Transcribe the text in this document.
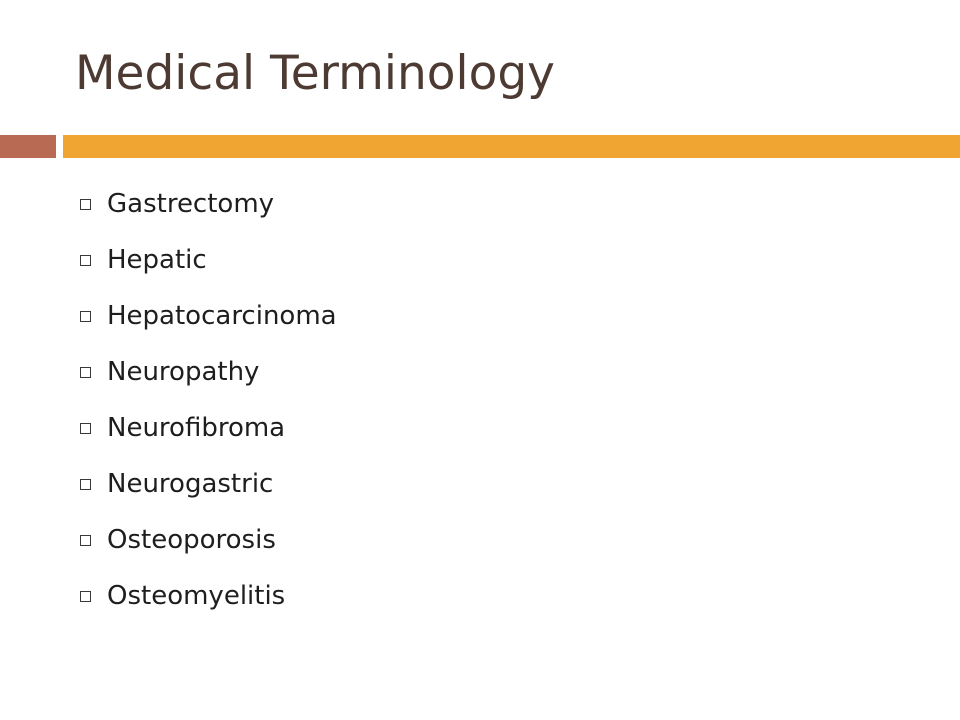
Medical Terminology
Gastrectomy
Hepatic
Hepatocarcinoma
Neuropathy
Neurofibroma
Neurogastric
Osteoporosis
Osteomyelitis
